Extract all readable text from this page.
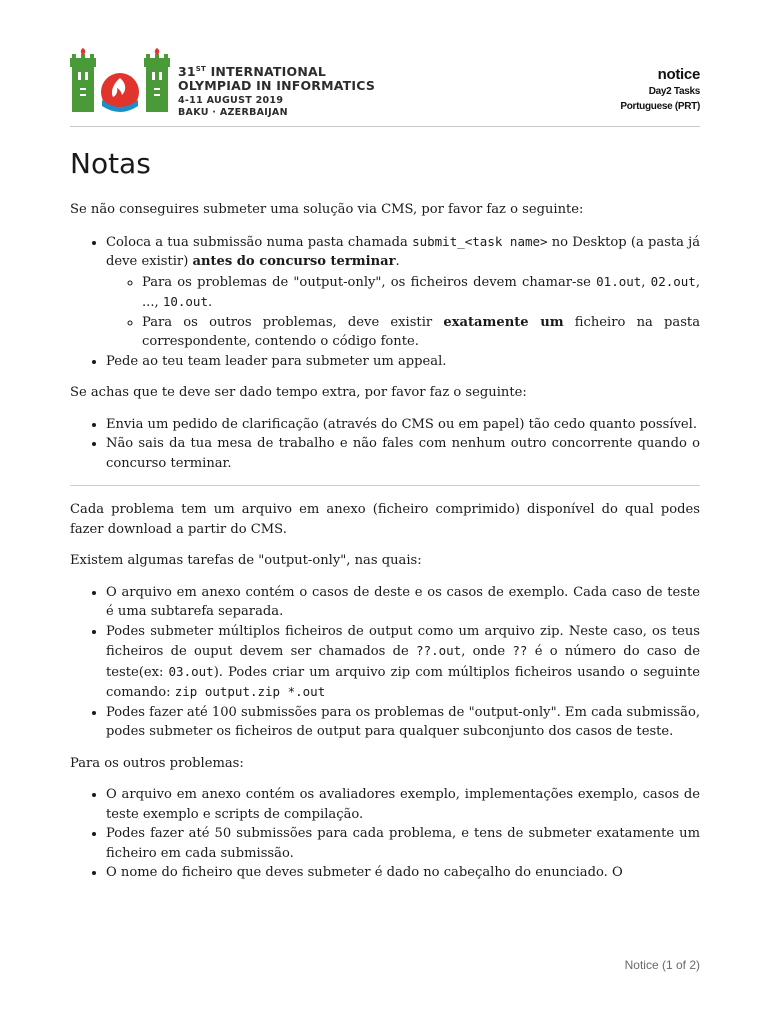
31ST INTERNATIONAL
OLYMPIAD IN INFORMATICS
4-11 AUGUST 2019
BAKU · AZERBAIJAN
notice
Day2 Tasks
Portuguese (PRT)
Notas

Se não conseguires submeter uma solução via CMS, por favor faz o seguinte:

• Coloca a tua submissão numa pasta chamada submit_<task name> no Desktop (a pasta já deve existir) antes do concurso terminar.
◦ Para os problemas de "output-only", os ficheiros devem chamar-se 01.out, 02.out, ..., 10.out.
◦ Para os outros problemas, deve existir exatamente um ficheiro na pasta correspondente, contendo o código fonte.
• Pede ao teu team leader para submeter um appeal.

Se achas que te deve ser dado tempo extra, por favor faz o seguinte:

• Envia um pedido de clarificação (através do CMS ou em papel) tão cedo quanto possível.
• Não sais da tua mesa de trabalho e não fales com nenhum outro concorrente quando o concurso terminar.

Cada problema tem um arquivo em anexo (ficheiro comprimido) disponível do qual podes fazer download a partir do CMS.

Existem algumas tarefas de "output-only", nas quais:

• O arquivo em anexo contém o casos de deste e os casos de exemplo. Cada caso de teste é uma subtarefa separada.
• Podes submeter múltiplos ficheiros de output como um arquivo zip. Neste caso, os teus ficheiros de ouput devem ser chamados de ??.out, onde ?? é o número do caso de teste(ex: 03.out). Podes criar um arquivo zip com múltiplos ficheiros usando o seguinte comando: zip output.zip *.out
• Podes fazer até 100 submissões para os problemas de "output-only". Em cada submissão, podes submeter os ficheiros de output para qualquer subconjunto dos casos de teste.

Para os outros problemas:

• O arquivo em anexo contém os avaliadores exemplo, implementações exemplo, casos de teste exemplo e scripts de compilação.
• Podes fazer até 50 submissões para cada problema, e tens de submeter exatamente um ficheiro em cada submissão.
• O nome do ficheiro que deves submeter é dado no cabeçalho do enunciado. O
Notice (1 of 2)
